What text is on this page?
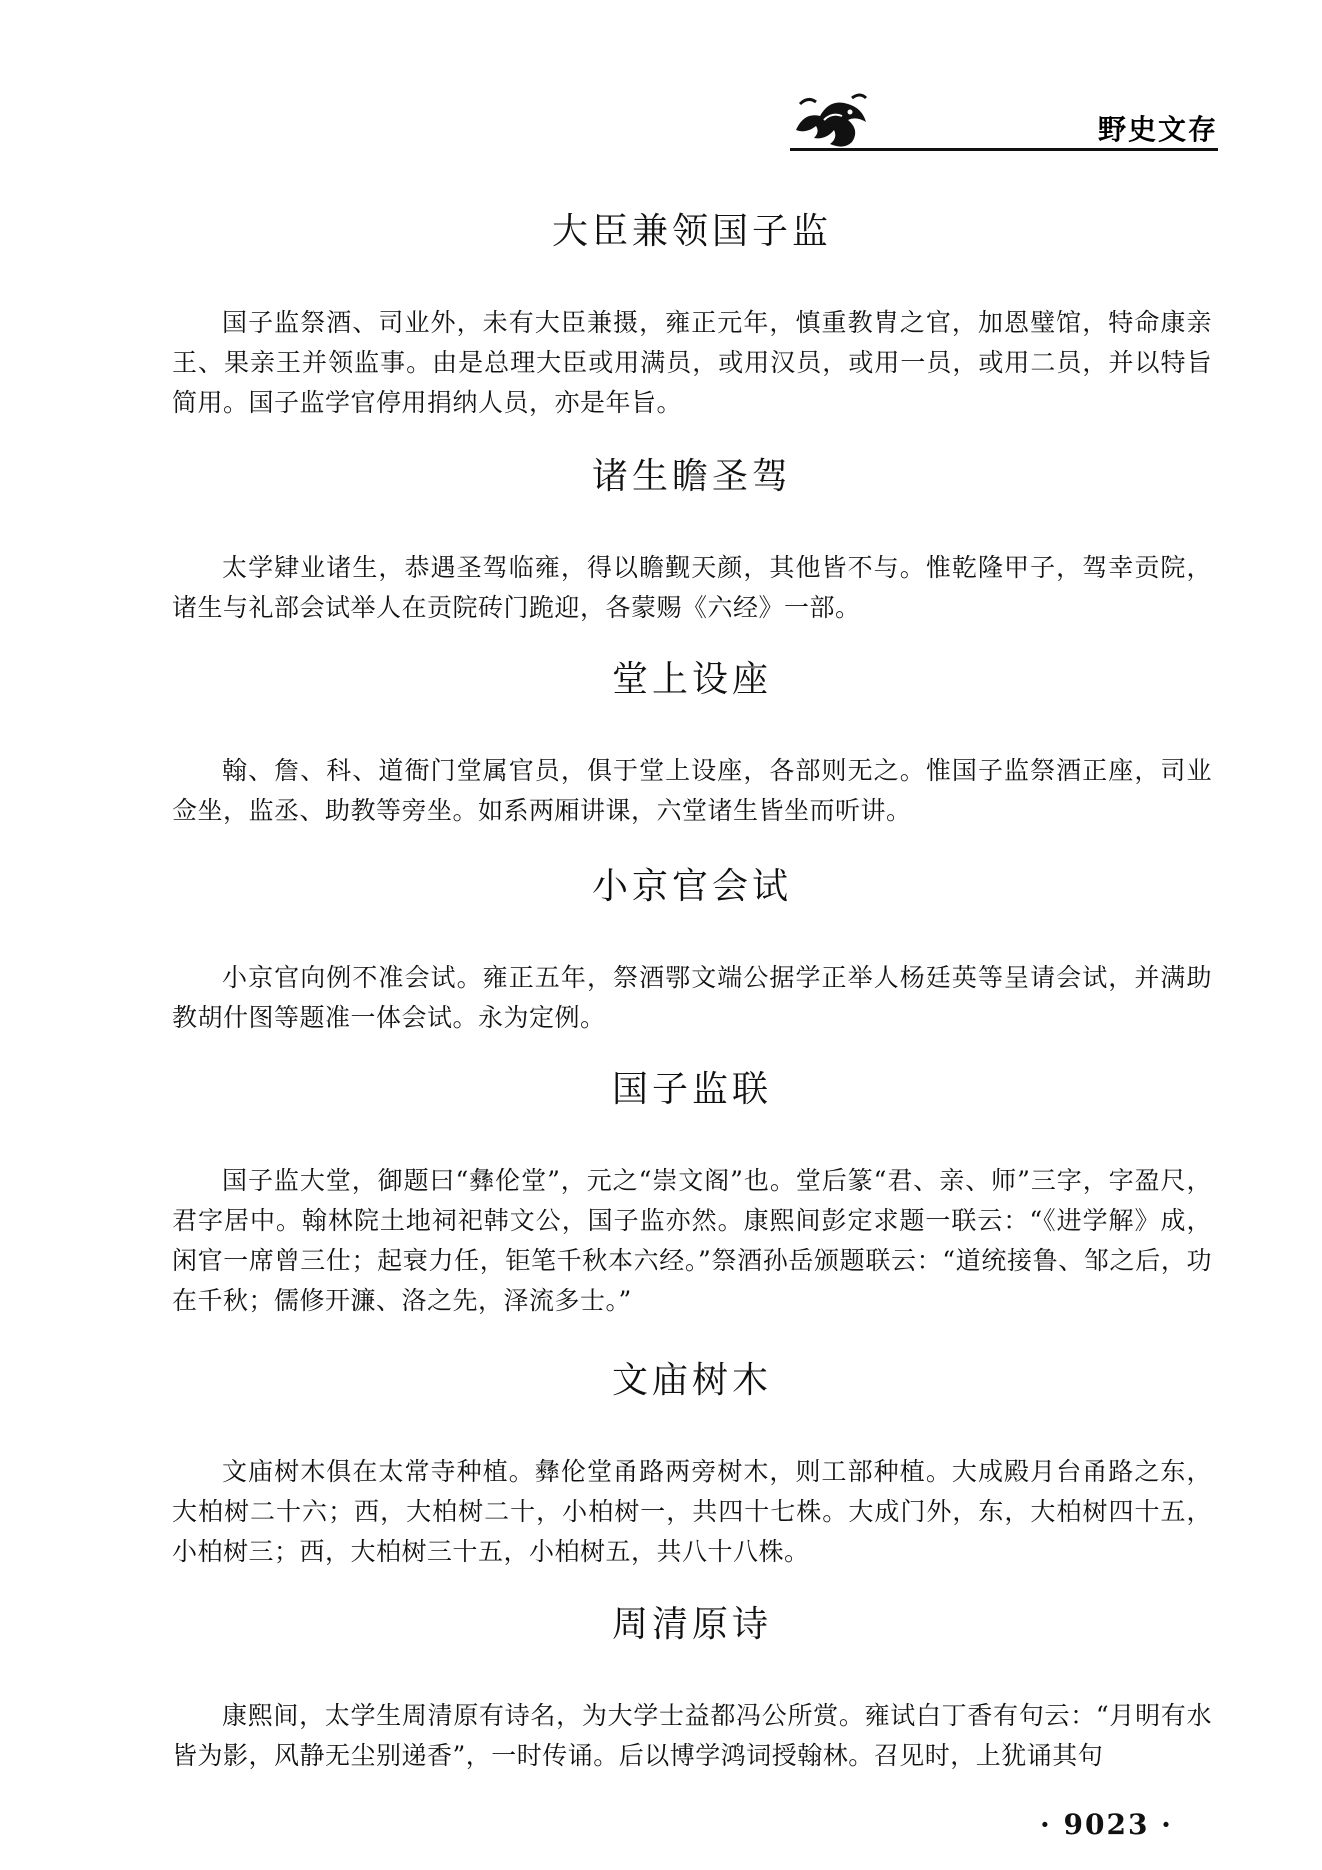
野史文存
大臣兼领国子监

国子监祭酒、司业外，未有大臣兼摄，雍正元年，慎重教胄之官，加恩璧馆，特命康亲王、果亲王并领监事。由是总理大臣或用满员，或用汉员，或用一员，或用二员，并以特旨简用。国子监学官停用捐纳人员，亦是年旨。

诸生瞻圣驾

太学肄业诸生，恭遇圣驾临雍，得以瞻觐天颜，其他皆不与。惟乾隆甲子，驾幸贡院，诸生与礼部会试举人在贡院砖门跪迎，各蒙赐《六经》一部。

堂上设座

翰、詹、科、道衙门堂属官员，俱于堂上设座，各部则无之。惟国子监祭酒正座，司业佥坐，监丞、助教等旁坐。如系两厢讲课，六堂诸生皆坐而听讲。

小京官会试

小京官向例不准会试。雍正五年，祭酒鄂文端公据学正举人杨廷英等呈请会试，并满助教胡什图等题准一体会试。永为定例。

国子监联

国子监大堂，御题曰“彝伦堂”，元之“崇文阁”也。堂后篆“君、亲、师”三字，字盈尺，君字居中。翰林院土地祠祀韩文公，国子监亦然。康熙间彭定求题一联云：“《进学解》成，闲官一席曾三仕；起衰力任，钜笔千秋本六经。”祭酒孙岳颁题联云：“道统接鲁、邹之后，功在千秋；儒修开濂、洛之先，泽流多士。”

文庙树木

文庙树木俱在太常寺种植。彝伦堂甬路两旁树木，则工部种植。大成殿月台甬路之东，大柏树二十六；西，大柏树二十，小柏树一，共四十七株。大成门外，东，大柏树四十五，小柏树三；西，大柏树三十五，小柏树五，共八十八株。

周清原诗

康熙间，太学生周清原有诗名，为大学士益都冯公所赏。雍试白丁香有句云：“月明有水皆为影，风静无尘别递香”，一时传诵。后以博学鸿词授翰林。召见时，上犹诵其句

· 9023 ·
